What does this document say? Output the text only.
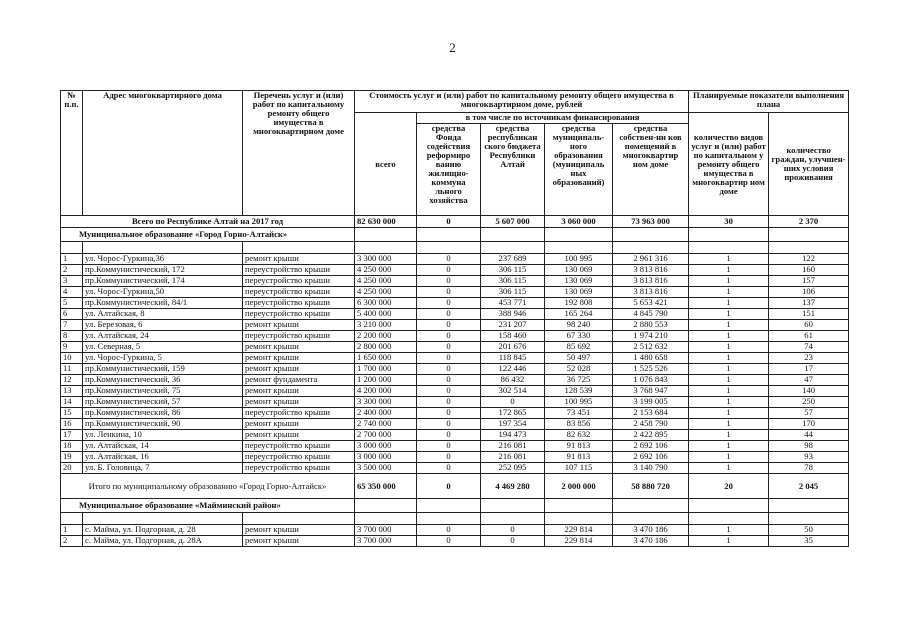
2
№ п.п.	Адрес многоквартирного дома	Перечень услуг и (или) работ по капитальному ремонту общего имущества в многоквартирном доме	Стоимость услуг и (или) работ по капитальному ремонту общего имущества в многоквартирном доме, рублей					Планируемые показатели выполнения плана	
			всего	в том числе по источникам финансирования				количество видов услуг и (или) работ по капитальном у ремонту общего имущества в многоквартир ном доме	количество граждан, улучшен-ших условия проживания
				средства Фонда содействия реформиро ванию жилищно-коммуна льного хозяйства	средства республикан ского бюджета Республики Алтай	средства муниципаль-ного образования (муниципаль ных образований)	средства собствен-ни ков помещений в многоквартир ном доме		
Всего по Республике Алтай на 2017 год			82 630 000	0	5 607 000	3 060 000	73 963 000	30	2 370
Муниципальное образование «Город Горно-Алтайск»									

1	ул. Чорос-Гуркина,36	ремонт крыши	3 300 000	0	237 689	100 995	2 961 316	1	122
2	пр.Коммунистический, 172	переустройство крыши	4 250 000	0	306 115	130 069	3 813 816	1	160
3	пр.Коммунистический, 174	переустройство крыши	4 250 000	0	306 115	130 069	3 813 816	1	157
4	ул. Чорос-Гуркина,50	переустройство крыши	4 250 000	0	306 115	130 069	3 813 816	1	106
5	пр.Коммунистический, 84/1	переустройство крыши	6 300 000	0	453 771	192 808	5 653 421	1	137
6	ул. Алтайская, 8	переустройство крыши	5 400 000	0	388 946	165 264	4 845 790	1	151
7	ул. Березовая, 6	ремонт крыши	3 210 000	0	231 207	98 240	2 880 553	1	60
8	ул. Алтайская, 24	переустройство крыши	2 200 000	0	158 460	67 330	1 974 210	1	61
9	ул. Северная, 5	ремонт крыши	2 800 000	0	201 676	85 692	2 512 632	1	74
10	ул. Чорос-Гуркина, 5	ремонт крыши	1 650 000	0	118 845	50 497	1 480 658	1	23
11	пр.Коммунистический, 159	ремонт крыши	1 700 000	0	122 446	52 028	1 525 526	1	17
12	пр.Коммунистический, 36	ремонт фундамента	1 200 000	0	86 432	36 725	1 076 843	1	47
13	пр.Коммунистический, 75	ремонт крыши	4 200 000	0	302 514	128 539	3 768 947	1	140
14	пр.Коммунистический, 57	ремонт крыши	3 300 000	0	0	100 995	3 199 005	1	250
15	пр.Коммунистический, 86	переустройство крыши	2 400 000	0	172 865	73 451	2 153 684	1	57
16	пр.Коммунистический, 90	ремонт крыши	2 740 000	0	197 354	83 856	2 458 790	1	170
17	ул. Ленкина, 10	ремонт крыши	2 700 000	0	194 473	82 632	2 422 895	1	44
18	ул. Алтайская, 14	переустройство крыши	3 000 000	0	216 081	91 813	2 692 106	1	98
19	ул. Алтайская, 16	переустройство крыши	3 000 000	0	216 081	91 813	2 692 106	1	93
20	ул. Б. Головица, 7	переустройство крыши	3 500 000	0	252 095	107 115	3 140 790	1	78
Итого по муниципальному образованию «Город Горно-Алтайск»			65 350 000	0	4 469 280	2 000 000	58 880 720	20	2 045
Муниципальное образование «Майминский район»									

1	с. Майма, ул. Подгорная, д. 28	ремонт крыши	3 700 000	0	0	229 814	3 470 186	1	50
2	с. Майма, ул. Подгорная, д. 28А	ремонт крыши	3 700 000	0	0	229 814	3 470 186	1	35
